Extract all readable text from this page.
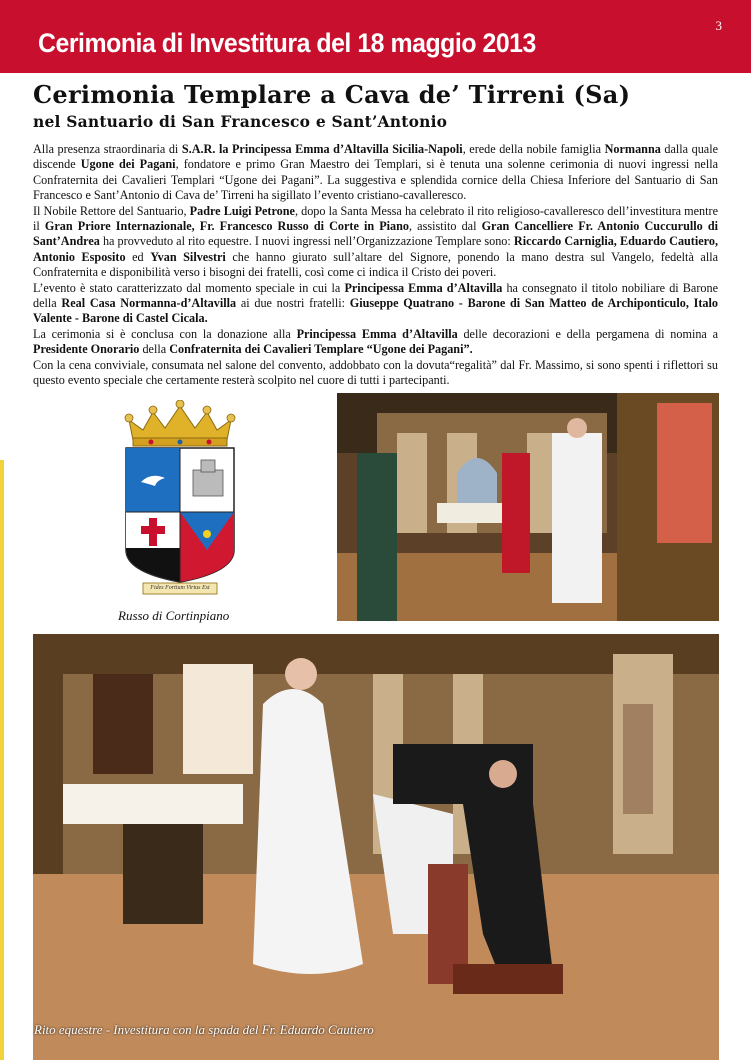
Cerimonia di Investitura del 18 maggio 2013
3
Cerimonia Templare a Cava de’ Tirreni (Sa)
nel Santuario di San Francesco e Sant’Antonio

Alla presenza straordinaria di S.A.R. la Principessa Emma d’Altavilla Sicilia-Napoli, erede della nobile famiglia Normanna dalla quale discende Ugone dei Pagani, fondatore e primo Gran Maestro dei Templari, si è tenuta una solenne cerimonia di nuovi ingressi nella Confraternita dei Cavalieri Templari “Ugone dei Pagani”. La suggestiva e splendida cornice della Chiesa Inferiore del Santuario di San Francesco e Sant’Antonio di Cava de’ Tirreni ha sigillato l’evento cristiano-cavalleresco.

Il Nobile Rettore del Santuario, Padre Luigi Petrone, dopo la Santa Messa ha celebrato il rito religioso-cavalleresco dell’investitura mentre il Gran Priore Internazionale, Fr. Francesco Russo di Corte in Piano, assistito dal Gran Cancelliere Fr. Antonio Cuccurullo di Sant’Andrea ha provveduto al rito equestre. I nuovi ingressi nell’Organizzazione Templare sono: Riccardo Carniglia, Eduardo Cautiero, Antonio Esposito ed Yvan Silvestri che hanno giurato sull’altare del Signore, ponendo la mano destra sul Vangelo, fedeltà alla Confraternita e disponibilità verso i bisogni dei fratelli, così come ci indica il Cristo dei poveri.

L’evento è stato caratterizzato dal momento speciale in cui la Principessa Emma d’Altavilla ha consegnato il titolo nobiliare di Barone della Real Casa Normanna-d’Altavilla ai due nostri fratelli: Giuseppe Quatrano - Barone di San Matteo de Archiponticulo, Italo Valente - Barone di Castel Cicala.

La cerimonia si è conclusa con la donazione alla Principessa Emma d’Altavilla delle decorazioni e della pergamena di nomina a Presidente Onorario della Confraternita dei Cavalieri Templare “Ugone dei Pagani”.

Con la cena conviviale, consumata nel salone del convento, addobbato con la dovuta“regalità” dal Fr. Massimo, si sono spenti i riflettori su questo evento speciale che certamente resterà scolpito nel cuore di tutti i partecipanti.

Fides Fortium Virtus Est
Russo di Cortinpiano
Rito equestre - Investitura con la spada del Fr. Eduardo Cautiero
